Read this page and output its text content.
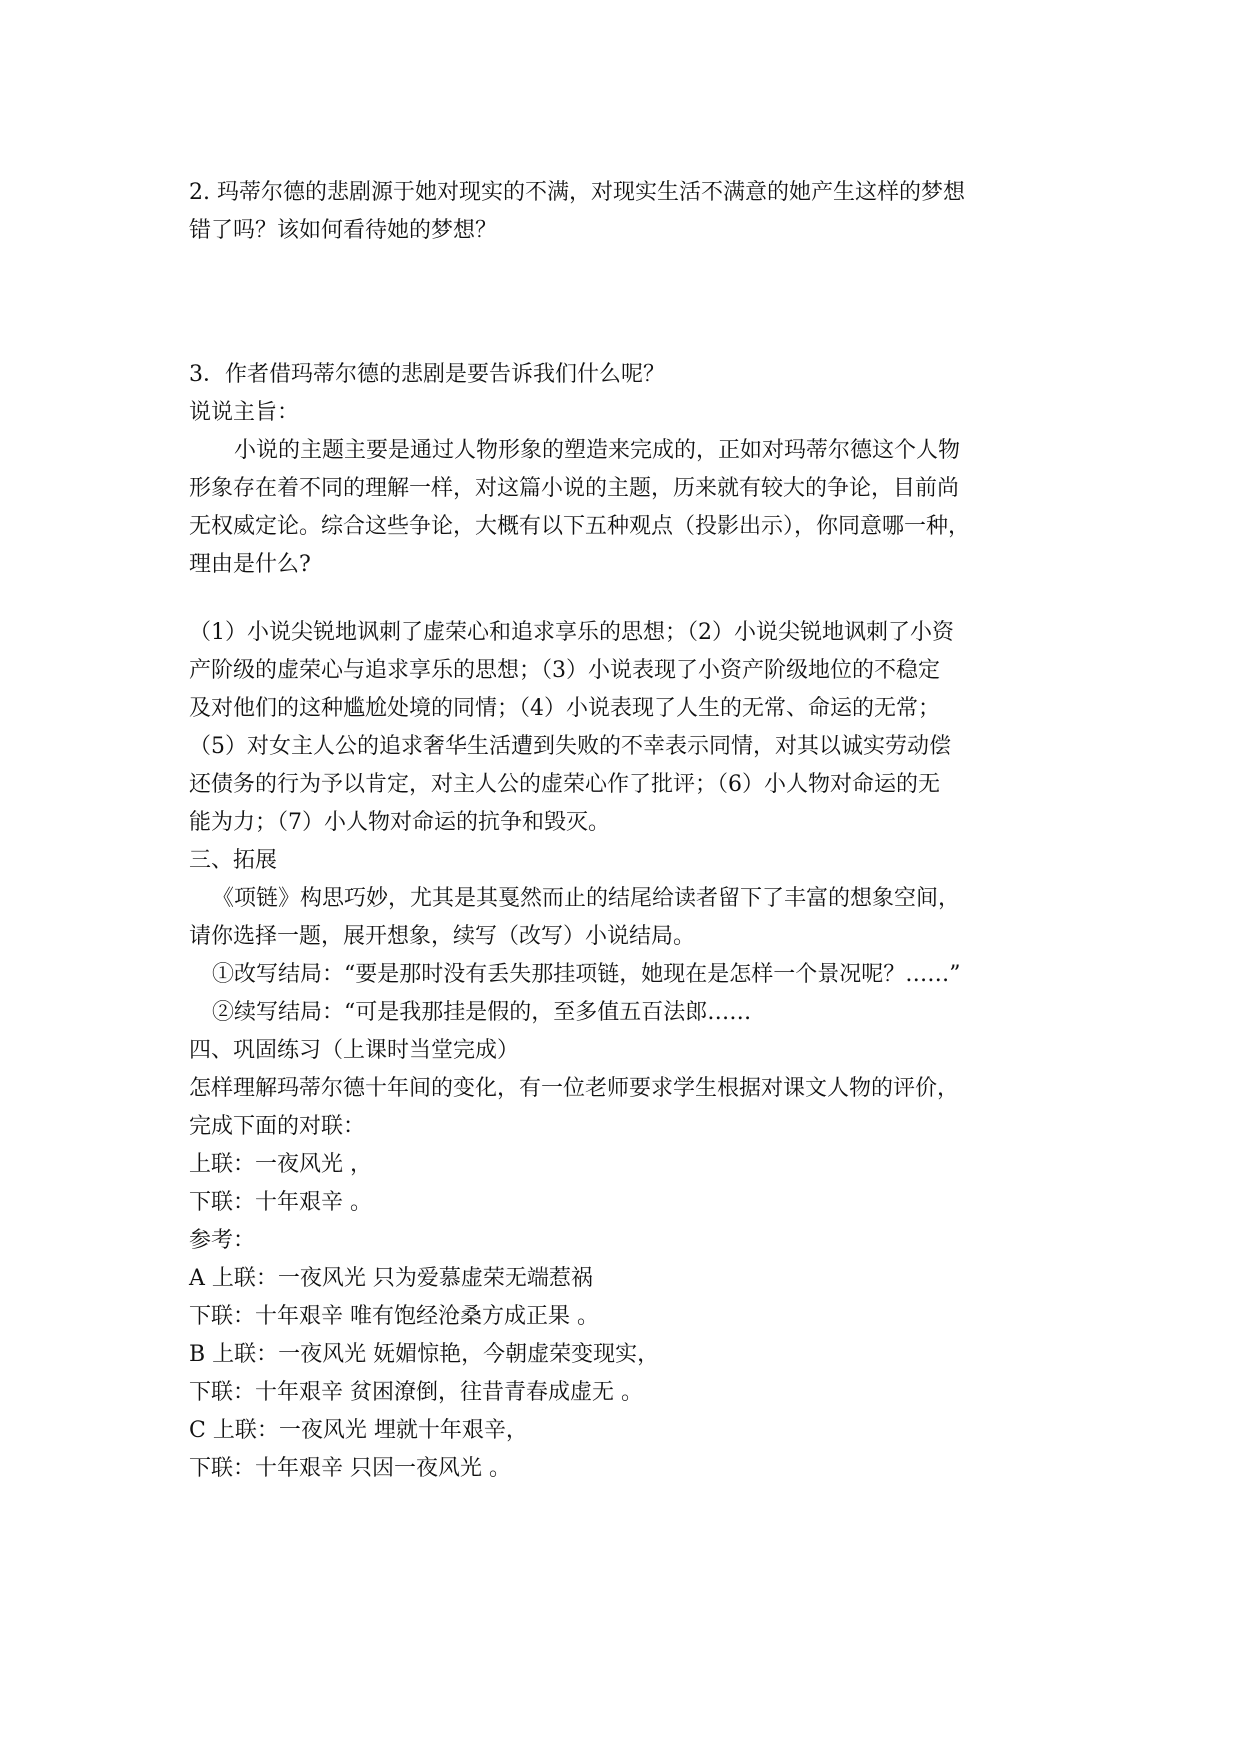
2. 玛蒂尔德的悲剧源于她对现实的不满，对现实生活不满意的她产生这样的梦想
错了吗？该如何看待她的梦想？
3．作者借玛蒂尔德的悲剧是要告诉我们什么呢？
说说主旨：
小说的主题主要是通过人物形象的塑造来完成的，正如对玛蒂尔德这个人物
形象存在着不同的理解一样，对这篇小说的主题，历来就有较大的争论，目前尚
无权威定论。综合这些争论，大概有以下五种观点（投影出示），你同意哪一种，
理由是什么?
（1）小说尖锐地讽刺了虚荣心和追求享乐的思想；（2）小说尖锐地讽刺了小资
产阶级的虚荣心与追求享乐的思想；（3）小说表现了小资产阶级地位的不稳定
及对他们的这种尴尬处境的同情；（4）小说表现了人生的无常、命运的无常；
（5）对女主人公的追求奢华生活遭到失败的不幸表示同情，对其以诚实劳动偿
还债务的行为予以肯定，对主人公的虚荣心作了批评；（6）小人物对命运的无
能为力；（7）小人物对命运的抗争和毁灭。
三、拓展
《项链》构思巧妙，尤其是其戛然而止的结尾给读者留下了丰富的想象空间，
请你选择一题，展开想象，续写（改写）小说结局。
①改写结局：“要是那时没有丢失那挂项链，她现在是怎样一个景况呢？……”
②续写结局：“可是我那挂是假的，至多值五百法郎……
四、巩固练习（上课时当堂完成）
怎样理解玛蒂尔德十年间的变化，有一位老师要求学生根据对课文人物的评价，
完成下面的对联：
上联：一夜风光 ，
下联：十年艰辛 。
参考：
A 上联：一夜风光 只为爱慕虚荣无端惹祸
下联：十年艰辛 唯有饱经沧桑方成正果 。
B 上联：一夜风光 妩媚惊艳，今朝虚荣变现实，
下联：十年艰辛 贫困潦倒，往昔青春成虚无 。
C 上联：一夜风光 埋就十年艰辛，
下联：十年艰辛 只因一夜风光 。
